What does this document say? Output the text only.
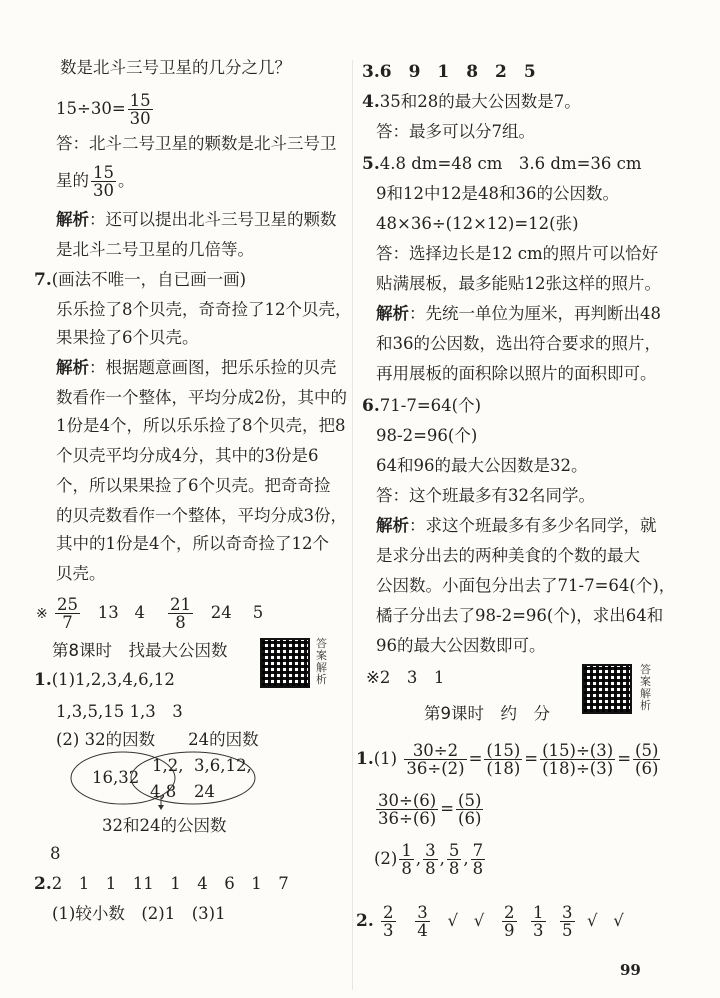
数是北斗三号卫星的几分之几？
$15\div 30= \frac{15}{30}$
答：北斗二号卫星的颗数是北斗三号卫
星的 $\frac{15}{30}$ 。
解析：还可以提出北斗三号卫星的颗数
是北斗二号卫星的几倍等。
7.(画法不唯一，自已画一画)
乐乐捡了8个贝壳，奇奇捡了12个贝壳，
果果捡了6个贝壳。
解析：根据题意画图，把乐乐捡的贝壳
数看作一个整体，平均分成2份，其中的
1份是4个，所以乐乐捡了8个贝壳，把8
个贝壳平均分成4分，其中的3份是6
个，所以果果捡了6个贝壳。把奇奇捡
的贝壳数看作一个整体，平均分成3份，
其中的1份是4个，所以奇奇捡了12个
贝壳。
※ $\frac{25}{7} 13$ $4 \frac{21}{8} 24$ 5
第8课时　找最大公因数	答案解析
1.(1)1,2,3,4,6,12
1,3,5,15 1,3　3
(2) 32的因数　　24的因数
16,32
1,2,
4,8
3,6,12,
24
32和24的公因数
8
2.2　1　1　11　1　4　6　1　7
(1)较小数　(2)1　(3)1
3.6　9　1　8　2　5
4.35和28的最大公因数是7。
答：最多可以分7组。
5.4.8 dm=48 cm　3.6 dm=36 cm
9和12中12是48和36的公因数。
48×36÷(12×12)=12(张)
答：选择边长是12 cm的照片可以恰好
贴满展板，最多能贴12张这样的照片。
解析：先统一单位为厘米，再判断出48
和36的公因数，选出符合要求的照片，
再用展板的面积除以照片的面积即可。
6.71-7=64(个)
98-2=96(个)
64和96的最大公因数是32。
答：这个班最多有32名同学。
解析：求这个班最多有多少名同学，就
是求分出去的两种美食的个数的最大
公因数。小面包分出去了71-7=64(个)，
橘子分出去了98-2=96(个)，求出64和
96的最大公因数即可。
※2　3　1	答案解析
第9课时　约　分
$1.(1) \frac{30\div 2}{36\div(2)} = \frac{(15)}{(18)} = \frac{(15)\div(3)}{(18)\div(3)} = \frac{(5)}{(6)}$
$\frac{30\div(6)}{36\div(6)} = \frac{(5)}{(6)}$
$(2) \frac{1}{8}$ , $\frac{3}{8}$ , $\frac{5}{8}$ , $\frac{7}{8}$
2. $\frac{2}{3}$
$\frac{3}{4}$ √ √ $\frac{2}{9}$
$\frac{1}{3}$
$\frac{3}{5}$ √ √
99
